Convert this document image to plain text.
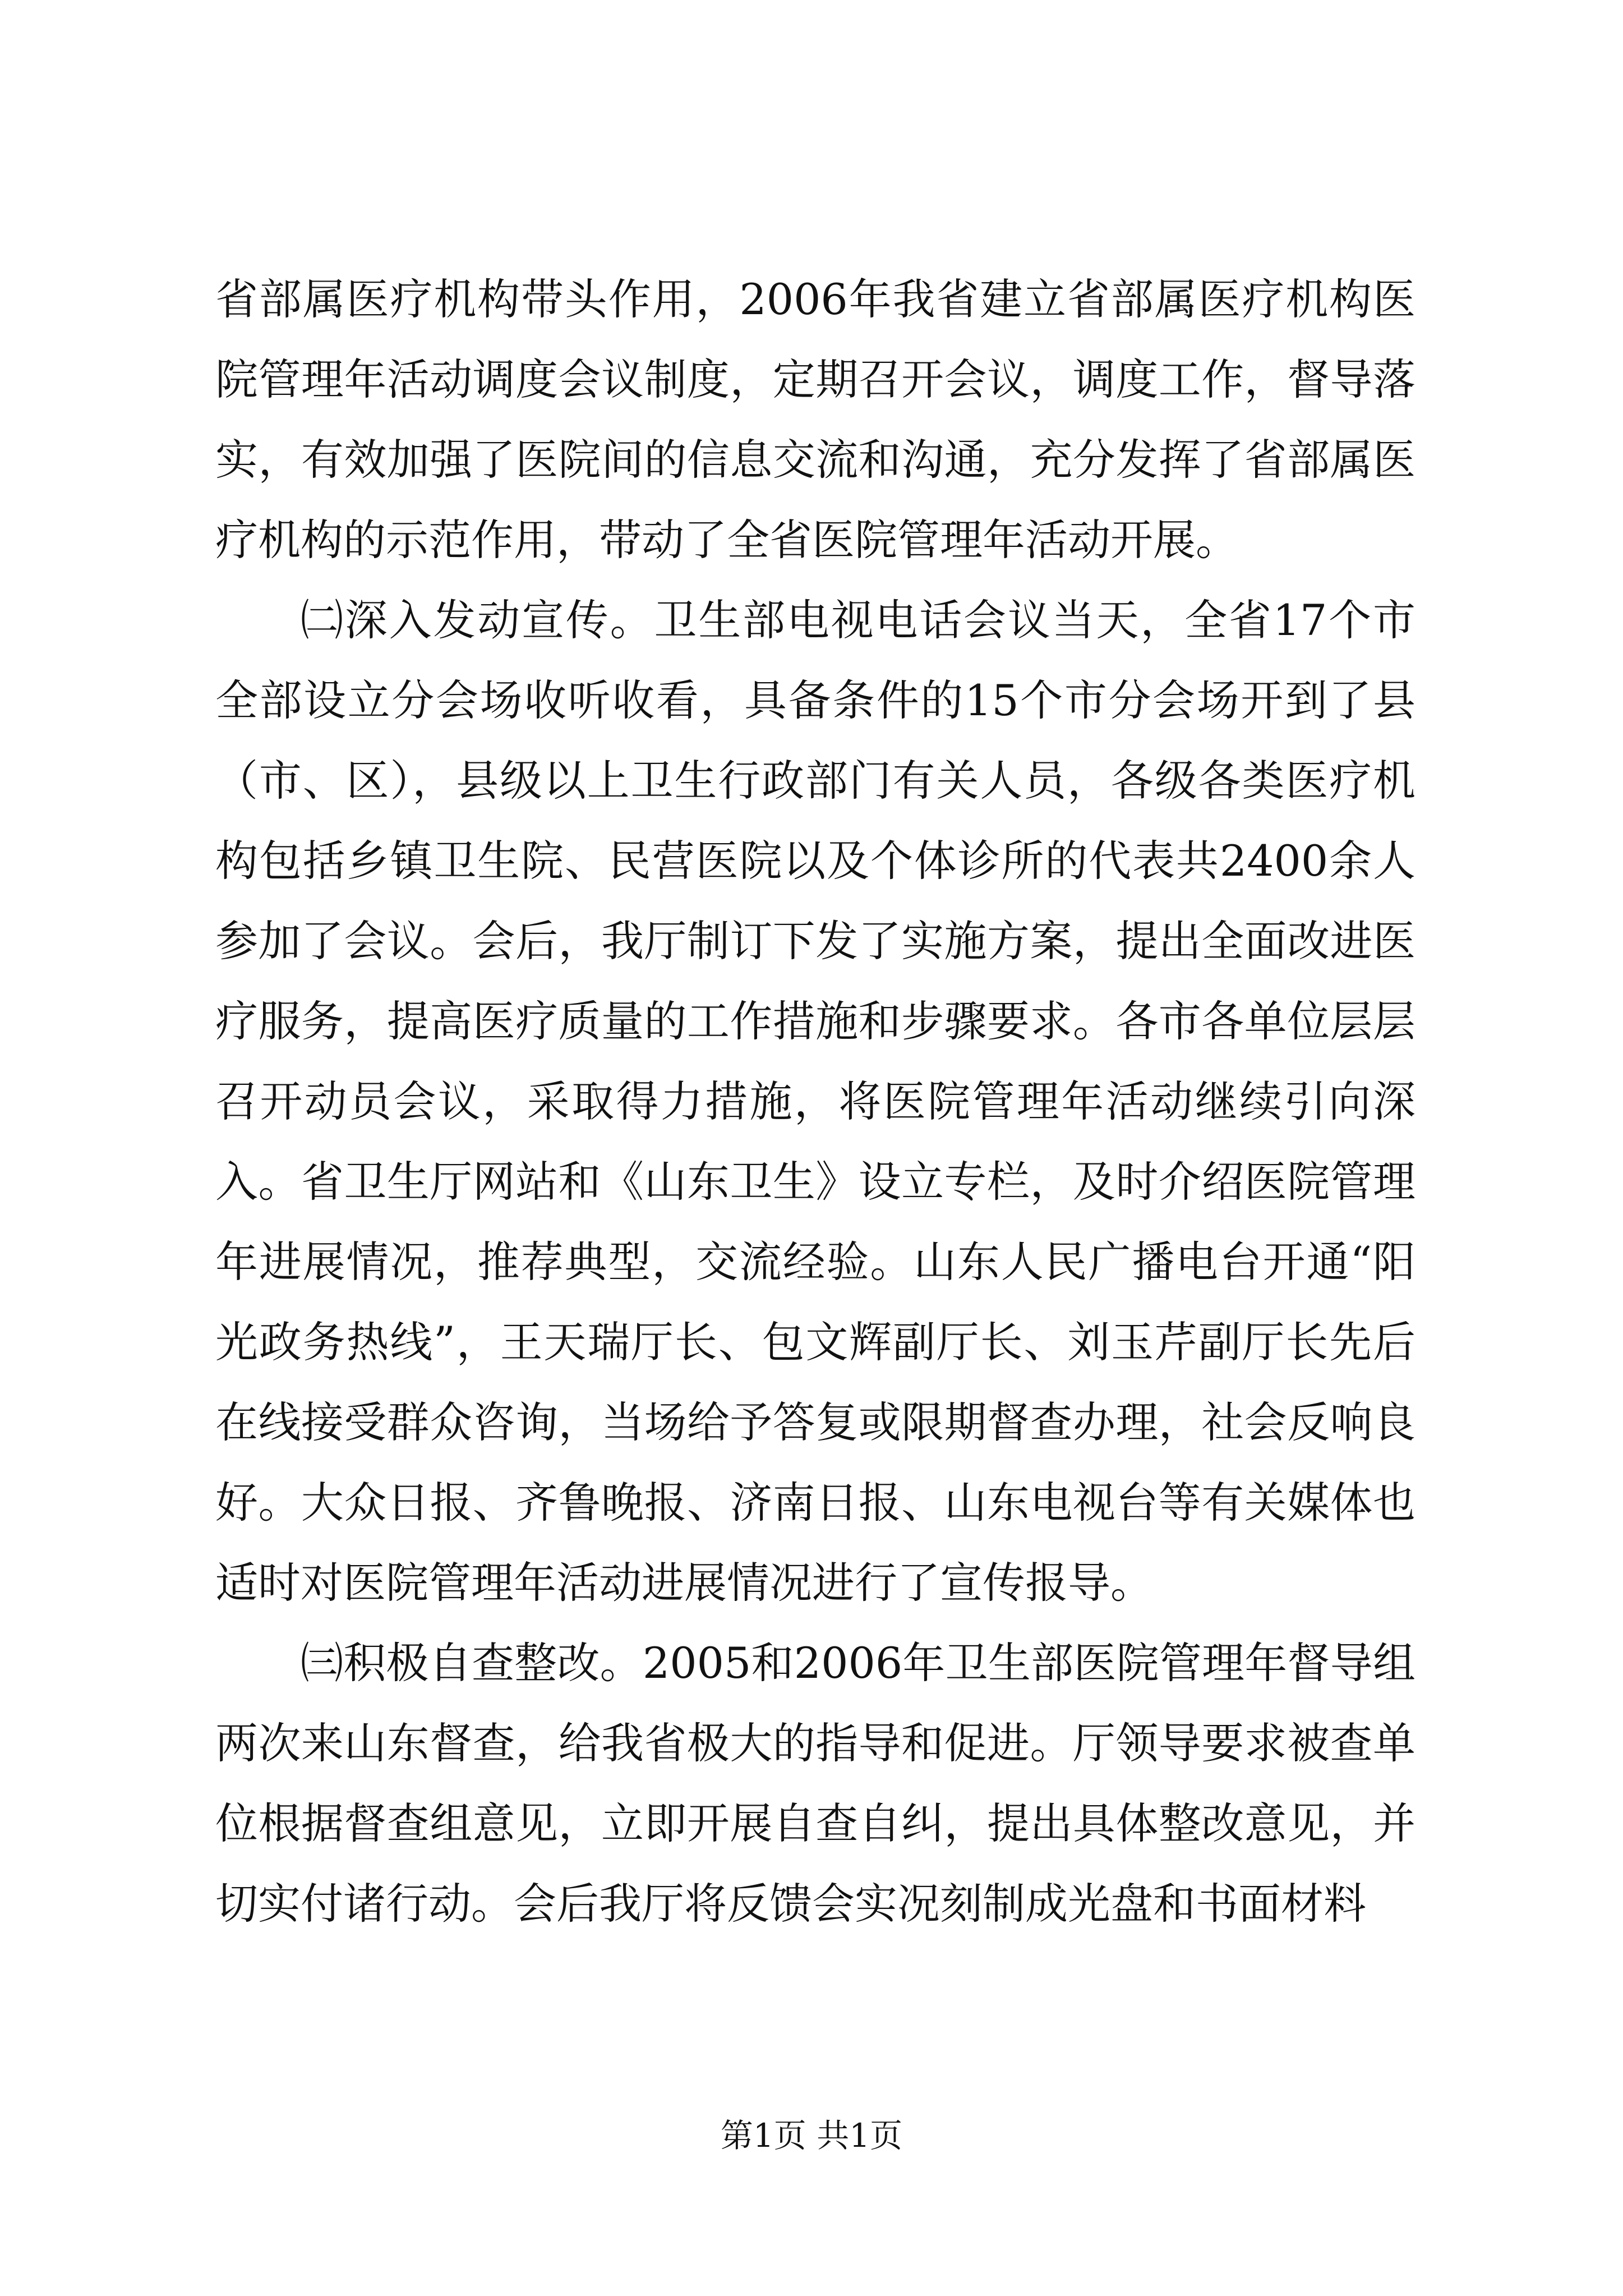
省部属医疗机构带头作用，2006年我省建立省部属医疗机构医院管理年活动调度会议制度，定期召开会议，调度工作，督导落实，有效加强了医院间的信息交流和沟通，充分发挥了省部属医疗机构的示范作用，带动了全省医院管理年活动开展。

㈡深入发动宣传。卫生部电视电话会议当天，全省17个市全部设立分会场收听收看，具备条件的15个市分会场开到了县（市、区），县级以上卫生行政部门有关人员，各级各类医疗机构包括乡镇卫生院、民营医院以及个体诊所的代表共2400余人参加了会议。会后，我厅制订下发了实施方案，提出全面改进医疗服务，提高医疗质量的工作措施和步骤要求。各市各单位层层召开动员会议，采取得力措施，将医院管理年活动继续引向深入。省卫生厅网站和《山东卫生》设立专栏，及时介绍医院管理年进展情况，推荐典型，交流经验。山东人民广播电台开通“阳光政务热线”，王天瑞厅长、包文辉副厅长、刘玉芹副厅长先后在线接受群众咨询，当场给予答复或限期督查办理，社会反响良好。大众日报、齐鲁晚报、济南日报、山东电视台等有关媒体也适时对医院管理年活动进展情况进行了宣传报导。

㈢积极自查整改。2005和2006年卫生部医院管理年督导组两次来山东督查，给我省极大的指导和促进。厅领导要求被查单位根据督查组意见，立即开展自查自纠，提出具体整改意见，并切实付诸行动。会后我厅将反馈会实况刻制成光盘和书面材料

第1页 共1页
